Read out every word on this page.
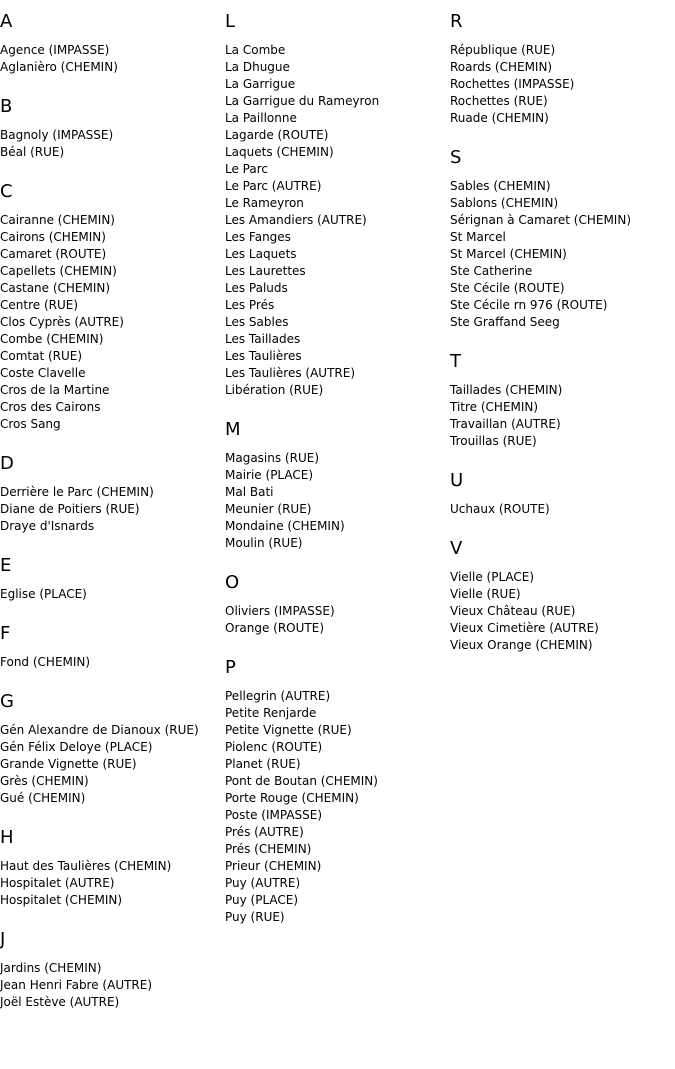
A
Agence (IMPASSE)
Aglanièro (CHEMIN)
B
Bagnoly (IMPASSE)
Béal (RUE)
C
Cairanne (CHEMIN)
Cairons (CHEMIN)
Camaret (ROUTE)
Capellets (CHEMIN)
Castane (CHEMIN)
Centre (RUE)
Clos Cyprès (AUTRE)
Combe (CHEMIN)
Comtat (RUE)
Coste Clavelle
Cros de la Martine
Cros des Cairons
Cros Sang
D
Derrière le Parc (CHEMIN)
Diane de Poitiers (RUE)
Draye d'Isnards
E
Eglise (PLACE)
F
Fond (CHEMIN)
G
Gén Alexandre de Dianoux (RUE)
Gén Félix Deloye (PLACE)
Grande Vignette (RUE)
Grès (CHEMIN)
Gué (CHEMIN)
H
Haut des Taulières (CHEMIN)
Hospitalet (AUTRE)
Hospitalet (CHEMIN)
J
Jardins (CHEMIN)
Jean Henri Fabre (AUTRE)
Joël Estève (AUTRE)
L
La Combe
La Dhugue
La Garrigue
La Garrigue du Rameyron
La Paillonne
Lagarde (ROUTE)
Laquets (CHEMIN)
Le Parc
Le Parc (AUTRE)
Le Rameyron
Les Amandiers (AUTRE)
Les Fanges
Les Laquets
Les Laurettes
Les Paluds
Les Prés
Les Sables
Les Taillades
Les Taulières
Les Taulières (AUTRE)
Libération (RUE)
M
Magasins (RUE)
Mairie (PLACE)
Mal Bati
Meunier (RUE)
Mondaine (CHEMIN)
Moulin (RUE)
O
Oliviers (IMPASSE)
Orange (ROUTE)
P
Pellegrin (AUTRE)
Petite Renjarde
Petite Vignette (RUE)
Piolenc (ROUTE)
Planet (RUE)
Pont de Boutan (CHEMIN)
Porte Rouge (CHEMIN)
Poste (IMPASSE)
Prés (AUTRE)
Prés (CHEMIN)
Prieur (CHEMIN)
Puy (AUTRE)
Puy (PLACE)
Puy (RUE)
R
République (RUE)
Roards (CHEMIN)
Rochettes (IMPASSE)
Rochettes (RUE)
Ruade (CHEMIN)
S
Sables (CHEMIN)
Sablons (CHEMIN)
Sérignan à Camaret (CHEMIN)
St Marcel
St Marcel (CHEMIN)
Ste Catherine
Ste Cécile (ROUTE)
Ste Cécile rn 976 (ROUTE)
Ste Graffand Seeg
T
Taillades (CHEMIN)
Titre (CHEMIN)
Travaillan (AUTRE)
Trouillas (RUE)
U
Uchaux (ROUTE)
V
Vielle (PLACE)
Vielle (RUE)
Vieux Château (RUE)
Vieux Cimetière (AUTRE)
Vieux Orange (CHEMIN)
